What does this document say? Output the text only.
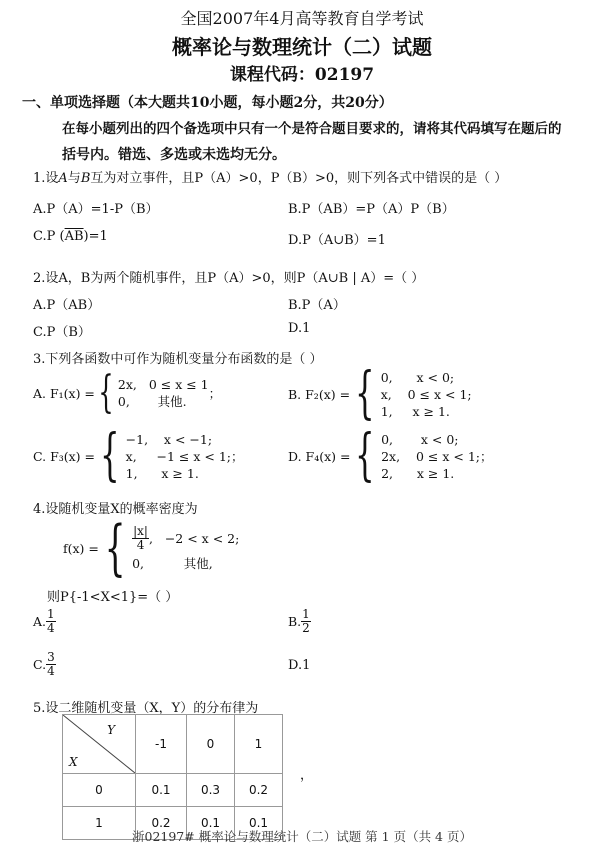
全国2007年4月高等教育自学考试
概率论与数理统计（二）试题
课程代码：02197
一、单项选择题（本大题共10小题，每小题2分，共20分）
在每小题列出的四个备选项中只有一个是符合题目要求的，请将其代码填写在题后的
括号内。错选、多选或未选均无分。
1.设A与B互为对立事件，且P（A）>0，P（B）>0，则下列各式中错误的是（ ）
A.P（A）=1-P（B）	B.P（AB）=P（A）P（B）
C.P $(\overline{AB})=1$	D.P（A∪B）=1
2.设A，B为两个随机事件，且P（A）>0，则P（A∪B | A）=（ ）
A.P（AB）	B.P（A）
C.P（B）	D.1
3.下列各函数中可作为随机变量分布函数的是（ ）
A. F₁(x) = { 2x,   0 ≤ x ≤ 1
0,       其他.
；	B. F₂(x) = { 0,      x < 0;
x,    0 ≤ x < 1;
1,     x ≥ 1.
C. F₃(x) = { −1,    x < −1;
x,     −1 ≤ x < 1;
1,      x ≥ 1.
；	D. F₄(x) = { 0,       x < 0;
2x,    0 ≤ x < 1;
2,      x ≥ 1.
；
4.设随机变量X的概率密度为
f(x) = { $\frac{|x|}{4}$ ,   −2 < x < 2;
0,          其他,
则P{-1<X<1}=（ ）
A. $\frac{1}{4}$	B. $\frac{1}{2}$
C. $\frac{3}{4}$	D.1
5.设二维随机变量（X，Y）的分布律为
Y
X	-1	0	1
0	0.1	0.3	0.2
1	0.2	0.1	0.1
，
浙02197# 概率论与数理统计（二）试题 第 1 页（共 4 页）
